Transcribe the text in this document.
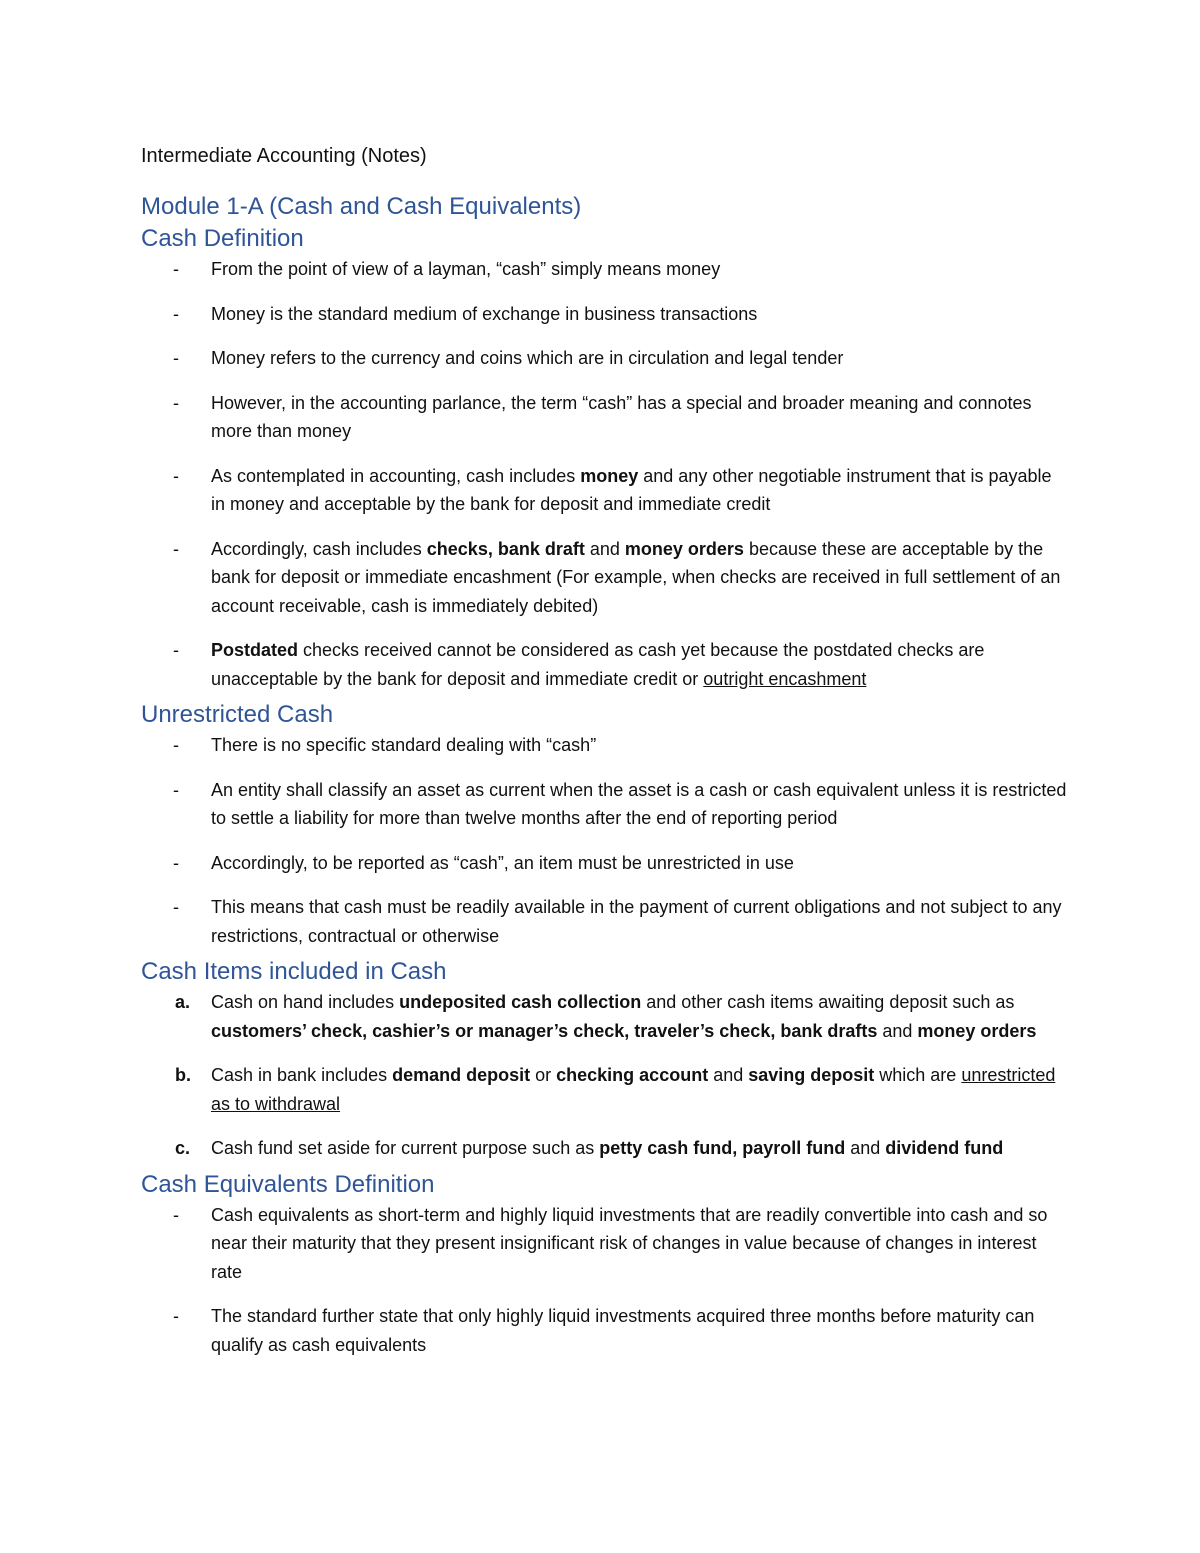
Intermediate Accounting (Notes)
Module 1-A (Cash and Cash Equivalents)
Cash Definition
- From the point of view of a layman, “cash” simply means money
- Money is the standard medium of exchange in business transactions
- Money refers to the currency and coins which are in circulation and legal tender
- However, in the accounting parlance, the term “cash” has a special and broader meaning and connotes more than money
- As contemplated in accounting, cash includes money and any other negotiable instrument that is payable in money and acceptable by the bank for deposit and immediate credit
- Accordingly, cash includes checks, bank draft and money orders because these are acceptable by the bank for deposit or immediate encashment (For example, when checks are received in full settlement of an account receivable, cash is immediately debited)
- Postdated checks received cannot be considered as cash yet because the postdated checks are unacceptable by the bank for deposit and immediate credit or outright encashment
Unrestricted Cash
- There is no specific standard dealing with “cash”
- An entity shall classify an asset as current when the asset is a cash or cash equivalent unless it is restricted to settle a liability for more than twelve months after the end of reporting period
- Accordingly, to be reported as “cash”, an item must be unrestricted in use
- This means that cash must be readily available in the payment of current obligations and not subject to any restrictions, contractual or otherwise
Cash Items included in Cash
a. Cash on hand includes undeposited cash collection and other cash items awaiting deposit such as customers’ check, cashier’s or manager’s check, traveler’s check, bank drafts and money orders
b. Cash in bank includes demand deposit or checking account and saving deposit which are unrestricted as to withdrawal
c. Cash fund set aside for current purpose such as petty cash fund, payroll fund and dividend fund
Cash Equivalents Definition
- Cash equivalents as short-term and highly liquid investments that are readily convertible into cash and so near their maturity that they present insignificant risk of changes in value because of changes in interest rate
- The standard further state that only highly liquid investments acquired three months before maturity can qualify as cash equivalents
